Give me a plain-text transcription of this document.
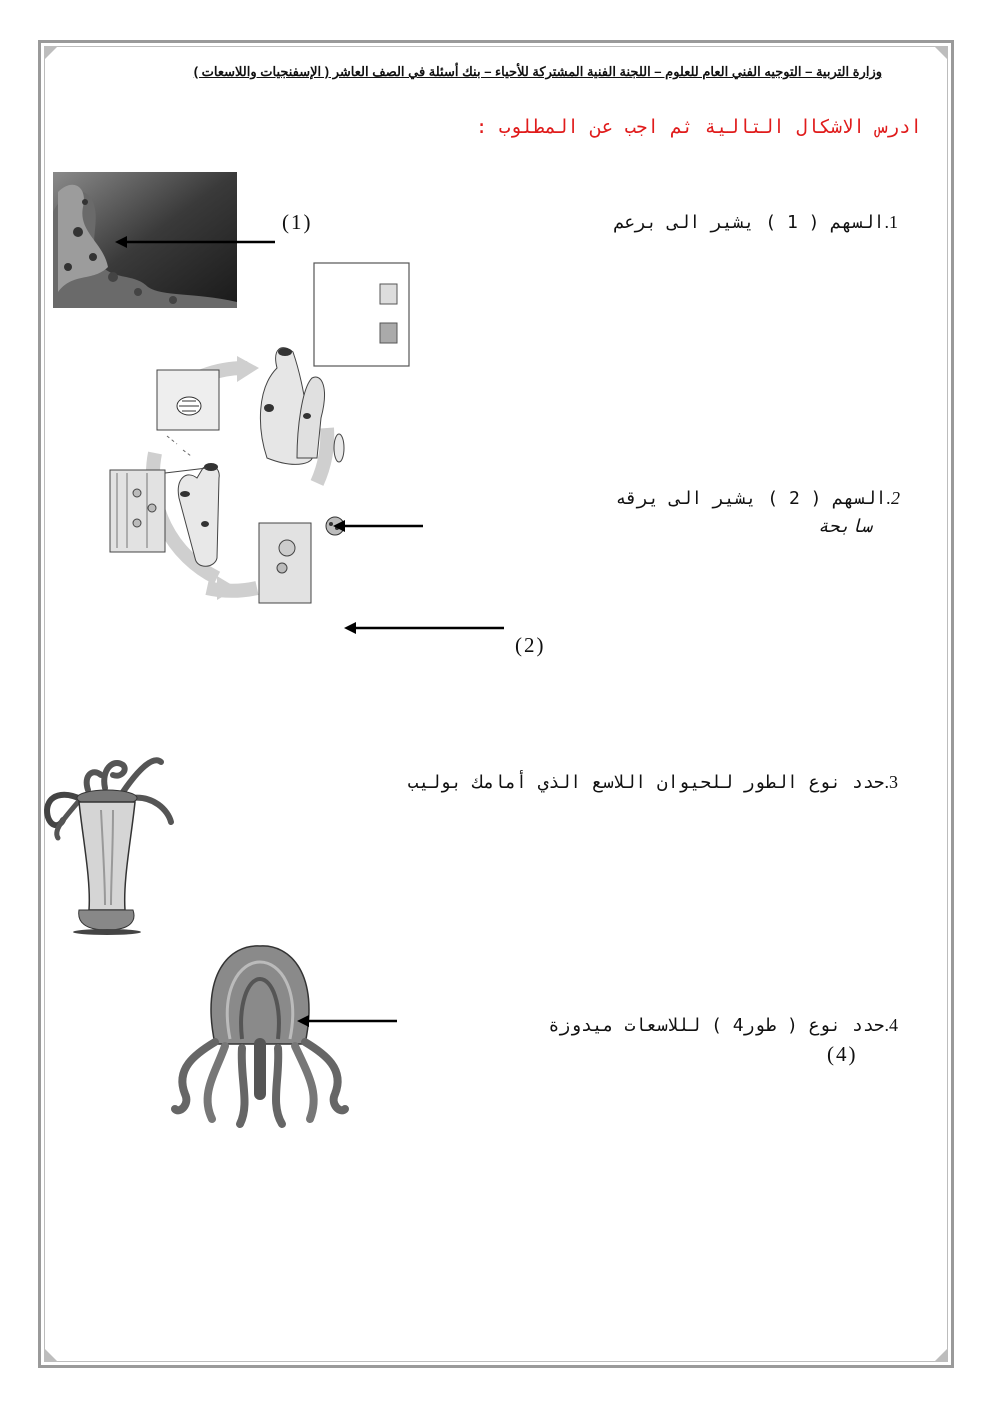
وزارة التربية – التوجيه الفني العام للعلوم – اللجنة الفنية المشتركة للأحياء – بنك أسئلة في الصف العاشر ( الإسفنجيات واللاسعات )
ادرس الاشكال التالية ثم اجب عن المطلوب :
(1)	1.السهم ( 1 ) يشير الى برعم
(2)
2.السهم ( 2 ) يشير الى يرقه
سابحة
3.حدد نوع الطور للحيوان اللاسع الذي أمامك بوليب
4.حدد نوع ( طور4 ) لللاسعات ميدوزة
(4)
